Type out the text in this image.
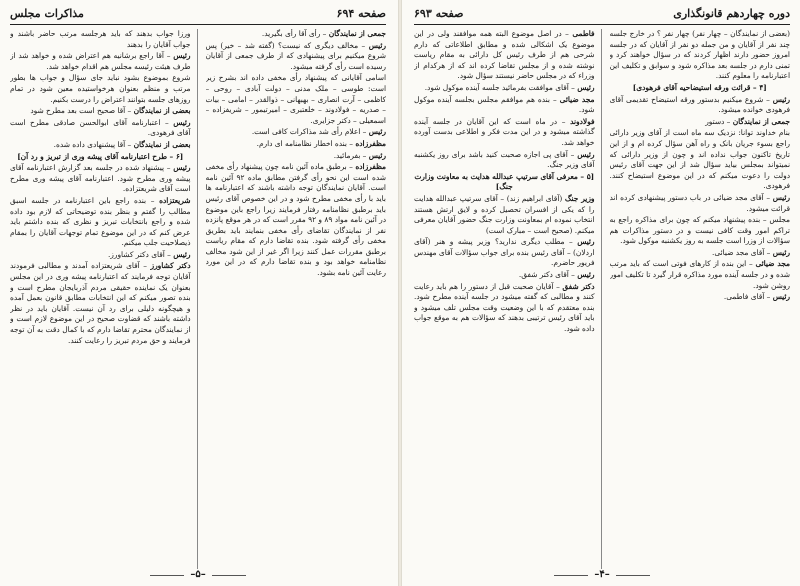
صفحه ۶۹۴
مذاکرات مجلس

جمعی از نمایندگان – رأی آقا رأی بگیرید.

رئیس – مخالف دیگری که نیست؟ (گفته شد – خیر) پس شروع میکنیم برای پیشنهادی که از طرف جمعی از آقایان رسیده است رأی گرفته میشود.

اسامی آقایانی که پیشنهاد رأی مخفی داده اند بشرح زیر است: طوسی – ملک مدنی – دولت آبادی – روحی – کاظمی – آرت انصاری – بهبهانی – ذوالقدر – امامی – بیات – صدریه – فولادوند – خلعتبری – امیرتیمور – شریفزاده – اسمعیلی – دکتر جزایری.

رئیس – اعلام رأی شد مذاکرات کافی است.

مظفرزاده – بنده اخطار نظامنامه ای دارم.

رئیس – بفرمائید.

مظفرزاده – برطبق ماده آئین نامه چون پیشنهاد رأی مخفی شده است این نحو رأی گرفتن مطابق ماده ۹۲ آئین نامه است. آقایان نمایندگان توجه داشته باشند که اعتبارنامه ها باید با رأی مخفی مطرح شود و در این خصوص آقای رئیس باید برطبق نظامنامه رفتار فرمایند زیرا راجع باین موضوع در آئین نامه مواد ۸۹ و ۹۲ مقرر است که در هر موقع پانزده نفر از نمایندگان تقاضای رأی مخفی بنمایند باید بطریق مخفی رأی گرفته شود. بنده تقاضا دارم که مقام ریاست برطبق مقررات عمل کنند زیرا اگر غیر از این شود مخالف نظامنامه خواهد بود و بنده تقاضا دارم که در این مورد رعایت آئین نامه بشود.

ورزا جواب بدهند که باید هرجلسه مرتب حاضر باشند و جواب آقایان را بدهند

رئیس – آقا راجع برشانیه هم اعتراض شده و خواهد شد از طرف هیئت رئیسه مجلس هم اقدام خواهد شد.

شروع بموضوع بشود نباید جای سؤال و جواب ها بطور مرتب و منظم بعنوان هرخواستیده معین شود در تمام روزهای جلسه بتوانند اعتراض را درست بکنیم.

بعضی از نمایندگان – آقا صحیح است بعد مطرح شود

رئیس – اعتبارنامه آقای ابوالحسن صادقی مطرح است آقای فرهودی.

بعضی از نمایندگان – آقا پیشنهادی داده شده.

[۶ – طرح اعتبارنامه آقای پیشه وری از تبریز و رد آن]

رئیس – پیشنهاد شده در جلسه بعد گزارش اعتبارنامه آقای پیشه وری مطرح شود. اعتبارنامه آقای پیشه وری مطرح است آقای شریعتزاده.

شریعتزاده – بنده راجع باین اعتبارنامه در جلسه اسبق مطالب را گفتم و بنظر بنده توضیحاتی که لازم بود داده شده و راجع بانتخابات تبریز و نظری که بنده داشتم باید عرض کنم که در این موضوع تمام توجهات آقایان را بمقام ذیصلاحیت جلب میکنم.

رئیس – آقای دکتر کشاورز.

دکتر کشاورز – آقای شریعتزاده آمدند و مطالبی فرمودند آقایان توجه فرمایند که اعتبارنامه پیشه وری در این مجلس بعنوان یک نماینده حقیقی مردم آذربایجان مطرح است و بنده تصور میکنم که این انتخابات مطابق قانون بعمل آمده و هیچگونه دلیلی برای رد آن نیست. آقایان باید در نظر داشته باشند که قضاوت صحیح در این موضوع لازم است و از نمایندگان محترم تقاضا دارم که با کمال دقت به آن توجه فرمایند و حق مردم تبریز را رعایت کنند.

–۵–
دوره چهاردهم قانونگذاری
صفحه ۶۹۳

(بعضی از نمایندگان – چهار نفر) چهار نفر ؟ در خارج جلسه چند نفر از آقایان و من جمله دو نفر از آقایان که در جلسه امروز حضور دارند اظهار کردند که در سؤال خواهند کرد و تمنی دارم در جلسه بعد مذاکره شود و سوابق و تکلیف این اعتبارنامه را معلوم کنند.

[۴ – قرائت ورقه استیضاحیه آقای فرهودی]

رئیس – شروع میکنیم بدستور ورقه استیضاح تقدیمی آقای فرهودی خوانده میشود.

جمعی از نمایندگان – دستور

بنام خداوند توانا: نزدیک سه ماه است از آقای وزیر دارائی راجع بسوء جریان بانک و راه آهن سؤال کرده ام و از این تاریخ تاکنون جواب نداده اند و چون از وزیر دارائی که نمیتواند بمجلس بیاید سؤال شد از این جهت آقای رئیس دولت را دعوت میکنم که در این موضوع استیضاح کنند. فرهودی.

رئیس – آقای مجد ضیائی در باب دستور پیشنهادی کرده اند قرائت میشود.

مجلس – بنده پیشنهاد میکنم که چون برای مذاکره راجع به تراکم امور وقت کافی نیست و در دستور مذاکرات هم سؤالات از وزرا است جلسه به روز یکشنبه موکول شود.

رئیس – آقای مجد ضیائی.

مجد ضیائی – این بنده از کارهای فوتی است که باید مرتب شده و در جلسه آینده مورد مذاکره قرار گیرد تا تکلیف امور روشن شود.

رئیس – آقای فاطمی.

فاطمی – در اصل موضوع البته همه موافقند ولی در این موضوع یک اشکالی شده و مطابق اطلاعاتی که دارم شرحی هم از طرف رئیس کل دارائی به مقام ریاست نوشته شده و از مجلس تقاضا کرده اند که از هرکدام از وزراء که در مجلس حاضر نیستند سؤال شود.

رئیس – آقای موافقت بفرمائید جلسه آینده موکول شود.

مجد ضیائی – بنده هم موافقم مجلس بجلسه آینده موکول شود.

فولادوند – در ماه است که این آقایان در جلسه آینده گذاشته میشود و در این مدت فکر و اطلاعی بدست آورده خواهد شد.

رئیس – آقای پی اجازه صحبت کنید باشد برای روز یکشنبه آقای وزیر جنگ.

[۵ – معرفی آقای سرتیپ عبدالله هدایت به معاونت وزارت جنگ]

وزیر جنگ (آقای ابراهیم زند) – آقای سرتیپ عبدالله هدایت را که یکی از افسران تحصیل کرده و لایق ارتش هستند انتخاب نموده ام بمعاونت وزارت جنگ حضور آقایان معرفی میکنم. (صحیح است – مبارک است)

رئیس – مطلب دیگری ندارید؟ وزیر پیشه و هنر (آقای اردلان) – آقای رئیس بنده برای جواب سؤالات آقای مهندس فریور حاضرم.

رئیس – آقای دکتر شفق.

دکتر شفق – آقایان صحبت قبل از دستور را هم باید رعایت کنند و مطالبی که گفته میشود در جلسه آینده مطرح شود. بنده معتقدم که با این وضعیت وقت مجلس تلف میشود و باید آقای رئیس ترتیبی بدهند که سؤالات هم به موقع جواب داده شود.

–۴–
